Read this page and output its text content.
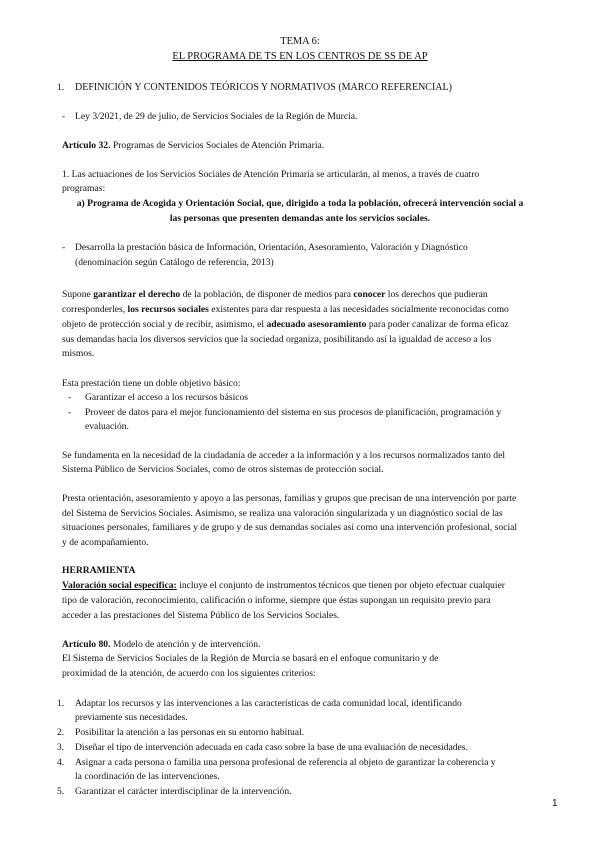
TEMA 6:
EL PROGRAMA DE TS EN LOS CENTROS DE SS DE AP
1. DEFINICIÓN Y CONTENIDOS TEÓRICOS Y NORMATIVOS (MARCO REFERENCIAL)
- Ley 3/2021, de 29 de julio, de Servicios Sociales de la Región de Murcia.
Artículo 32. Programas de Servicios Sociales de Atención Primaria.
1. Las actuaciones de los Servicios Sociales de Atención Primaria se articularán, al menos, a través de cuatro
programas:
a) Programa de Acogida y Orientación Social, que, dirigido a toda la población, ofrecerá intervención social a
las personas que presenten demandas ante los servicios sociales.
- Desarrolla la prestación básica de Información, Orientación, Asesoramiento, Valoración y Diagnóstico
(denominación según Catálogo de referencia, 2013)
Supone garantizar el derecho de la población, de disponer de medios para conocer los derechos que pudieran
corresponderles, los recursos sociales existentes para dar respuesta a las necesidades socialmente reconocidas como
objeto de protección social y de recibir, asimismo, el adecuado asesoramiento para poder canalizar de forma eficaz
sus demandas hacia los diversos servicios que la sociedad organiza, posibilitando así la igualdad de acceso a los
mismos.
Esta prestación tiene un doble objetivo básico:
- Garantizar el acceso a los recursos básicos
- Proveer de datos para el mejor funcionamiento del sistema en sus procesos de planificación, programación y
evaluación.
Se fundamenta en la necesidad de la ciudadanía de acceder a la información y a los recursos normalizados tanto del
Sistema Público de Servicios Sociales, como de otros sistemas de protección social.
Presta orientación, asesoramiento y apoyo a las personas, familias y grupos que precisan de una intervención por parte
del Sistema de Servicios Sociales. Asimismo, se realiza una valoración singularizada y un diagnóstico social de las
situaciones personales, familiares y de grupo y de sus demandas sociales así como una intervención profesional, social
y de acompañamiento.
HERRAMIENTA
Valoración social específica: incluye el conjunto de instrumentos técnicos que tienen por objeto efectuar cualquier
tipo de valoración, reconocimiento, calificación o informe, siempre que éstas supongan un requisito previo para
acceder a las prestaciones del Sistema Público de los Servicios Sociales.
Artículo 80. Modelo de atención y de intervención.
El Sistema de Servicios Sociales de la Región de Murcia se basará en el enfoque comunitario y de
proximidad de la atención, de acuerdo con los siguientes criterios:
1. Adaptar los recursos y las intervenciones a las características de cada comunidad local, identificando
previamente sus necesidades.
2. Posibilitar la atención a las personas en su entorno habitual.
3. Diseñar el tipo de intervención adecuada en cada caso sobre la base de una evaluación de necesidades.
4. Asignar a cada persona o familia una persona profesional de referencia al objeto de garantizar la coherencia y
la coordinación de las intervenciones.
5. Garantizar el carácter interdisciplinar de la intervención.
1
